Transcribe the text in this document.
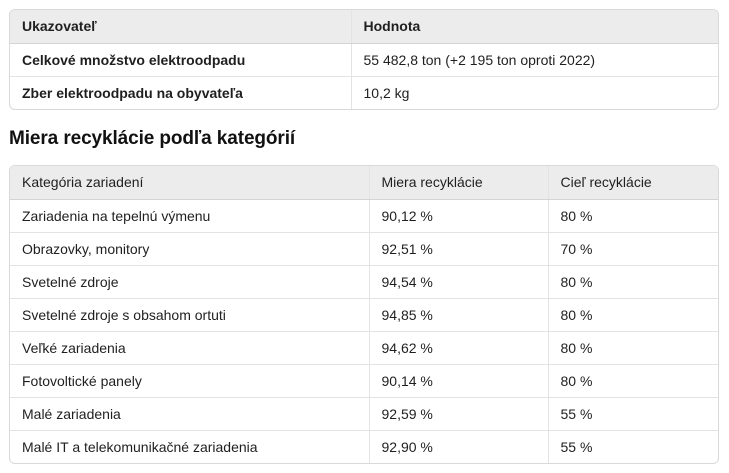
Ukazovateľ	Hodnota
Celkové množstvo elektroodpadu	55 482,8 ton (+2 195 ton oproti 2022)
Zber elektroodpadu na obyvateľa	10,2 kg
Miera recyklácie podľa kategórií
Kategória zariadení	Miera recyklácie	Cieľ recyklácie
Zariadenia na tepelnú výmenu	90,12 %	80 %
Obrazovky, monitory	92,51 %	70 %
Svetelné zdroje	94,54 %	80 %
Svetelné zdroje s obsahom ortuti	94,85 %	80 %
Veľké zariadenia	94,62 %	80 %
Fotovoltické panely	90,14 %	80 %
Malé zariadenia	92,59 %	55 %
Malé IT a telekomunikačné zariadenia	92,90 %	55 %
